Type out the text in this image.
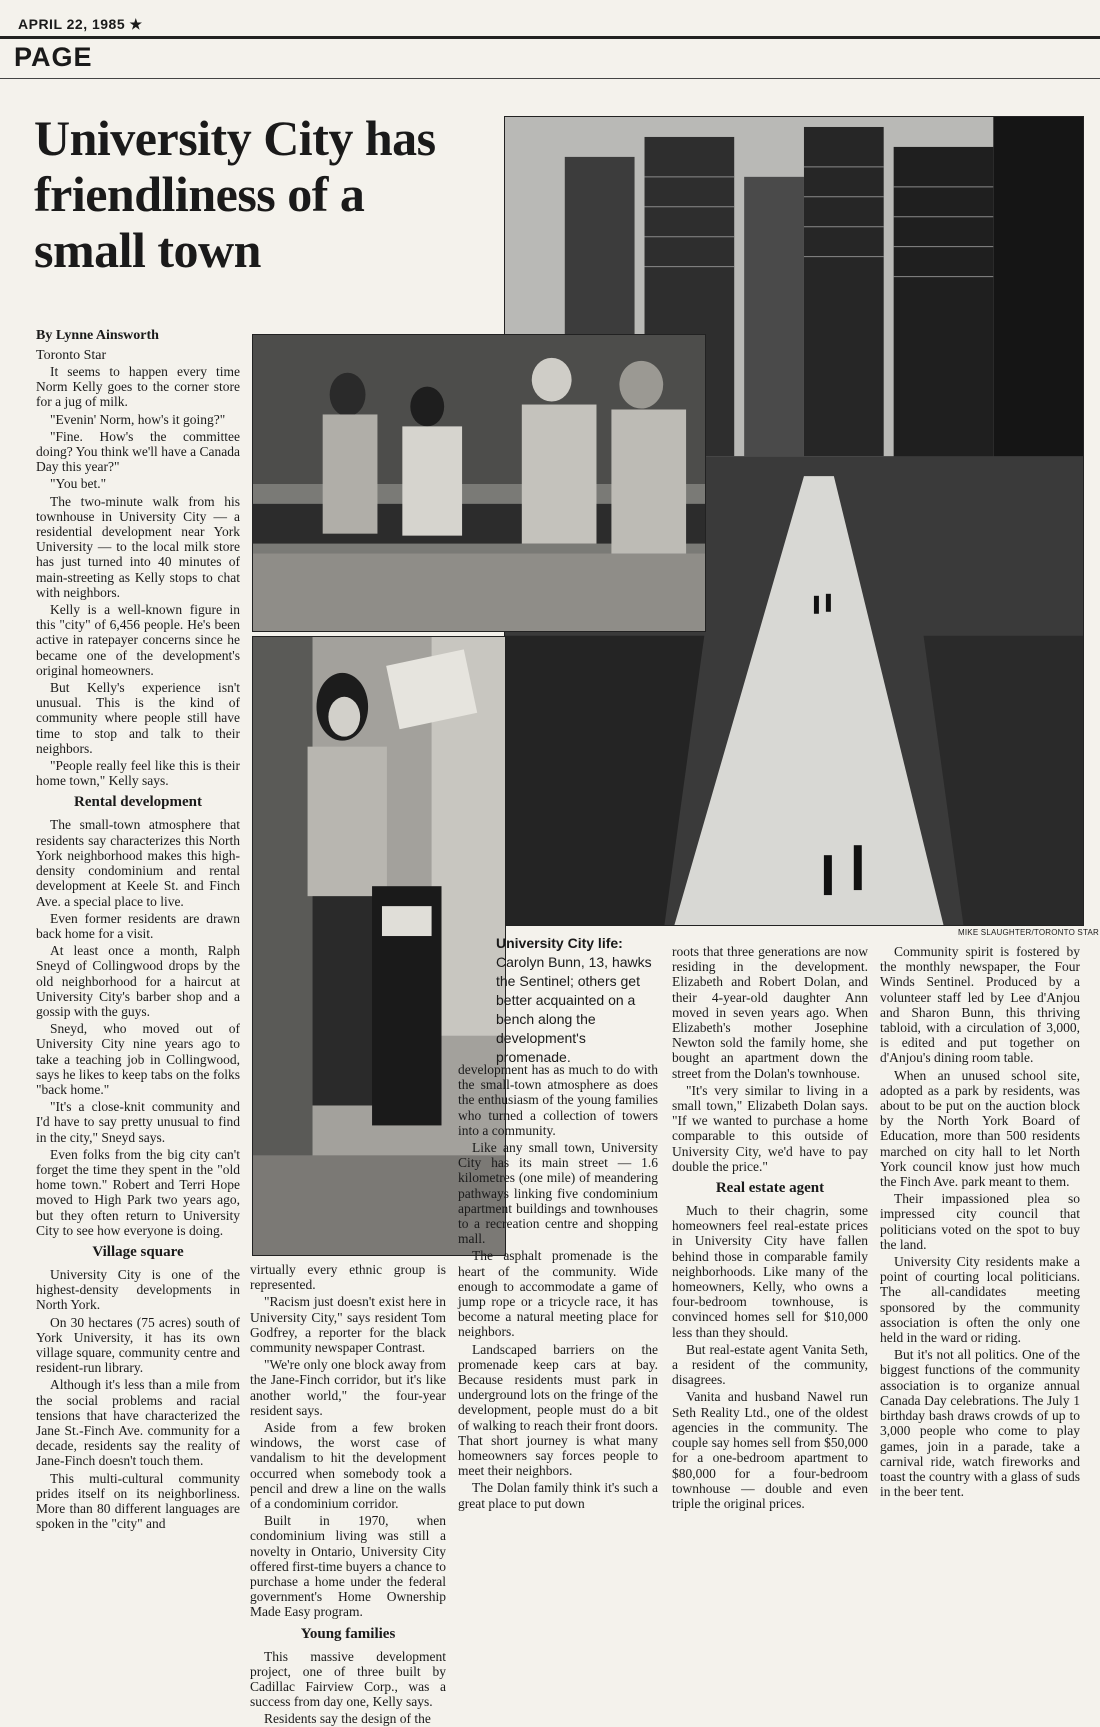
APRIL 22, 1985 ★
PAGE
University City has friendliness of a small town
By Lynne Ainsworth
Toronto Star
MIKE SLAUGHTER/TORONTO STAR
University City life: Carolyn Bunn, 13, hawks the Sentinel; others get better acquainted on a bench along the development's promenade.

It seems to happen every time Norm Kelly goes to the corner store for a jug of milk.

"Evenin' Norm, how's it going?"

"Fine. How's the committee doing? You think we'll have a Canada Day this year?"

"You bet."

The two-minute walk from his townhouse in University City — a residential development near York University — to the local milk store has just turned into 40 minutes of main-streeting as Kelly stops to chat with neighbors.

Kelly is a well-known figure in this "city" of 6,456 people. He's been active in ratepayer concerns since he became one of the development's original homeowners.

But Kelly's experience isn't unusual. This is the kind of community where people still have time to stop and talk to their neighbors.

"People really feel like this is their home town," Kelly says.

Rental development

The small-town atmosphere that residents say characterizes this North York neighborhood makes this high-density condominium and rental development at Keele St. and Finch Ave. a special place to live.

Even former residents are drawn back home for a visit.

At least once a month, Ralph Sneyd of Collingwood drops by the old neighborhood for a haircut at University City's barber shop and a gossip with the guys.

Sneyd, who moved out of University City nine years ago to take a teaching job in Collingwood, says he likes to keep tabs on the folks "back home."

"It's a close-knit community and I'd have to say pretty unusual to find in the city," Sneyd says.

Even folks from the big city can't forget the time they spent in the "old home town." Robert and Terri Hope moved to High Park two years ago, but they often return to University City to see how everyone is doing.

Village square

University City is one of the highest-density developments in North York.

On 30 hectares (75 acres) south of York University, it has its own village square, community centre and resident-run library.

Although it's less than a mile from the social problems and racial tensions that have characterized the Jane St.-Finch Ave. community for a decade, residents say the reality of Jane-Finch doesn't touch them.

This multi-cultural community prides itself on its neighborliness. More than 80 different languages are spoken in the "city" and

virtually every ethnic group is represented.

"Racism just doesn't exist here in University City," says resident Tom Godfrey, a reporter for the black community newspaper Contrast.

"We're only one block away from the Jane-Finch corridor, but it's like another world," the four-year resident says.

Aside from a few broken windows, the worst case of vandalism to hit the development occurred when somebody took a pencil and drew a line on the walls of a condominium corridor.

Built in 1970, when condominium living was still a novelty in Ontario, University City offered first-time buyers a chance to purchase a home under the federal government's Home Ownership Made Easy program.

Young families

This massive development project, one of three built by Cadillac Fairview Corp., was a success from day one, Kelly says.

Residents say the design of the

development has as much to do with the small-town atmosphere as does the enthusiasm of the young families who turned a collection of towers into a community.

Like any small town, University City has its main street — 1.6 kilometres (one mile) of meandering pathways linking five condominium apartment buildings and townhouses to a recreation centre and shopping mall.

The asphalt promenade is the heart of the community. Wide enough to accommodate a game of jump rope or a tricycle race, it has become a natural meeting place for neighbors.

Landscaped barriers on the promenade keep cars at bay. Because residents must park in underground lots on the fringe of the development, people must do a bit of walking to reach their front doors. That short journey is what many homeowners say forces people to meet their neighbors.

The Dolan family think it's such a great place to put down

roots that three generations are now residing in the development. Elizabeth and Robert Dolan, and their 4-year-old daughter Ann moved in seven years ago. When Elizabeth's mother Josephine Newton sold the family home, she bought an apartment down the street from the Dolan's townhouse.

"It's very similar to living in a small town," Elizabeth Dolan says. "If we wanted to purchase a home comparable to this outside of University City, we'd have to pay double the price."

Real estate agent

Much to their chagrin, some homeowners feel real-estate prices in University City have fallen behind those in comparable family neighborhoods. Like many of the homeowners, Kelly, who owns a four-bedroom townhouse, is convinced homes sell for $10,000 less than they should.

But real-estate agent Vanita Seth, a resident of the community, disagrees.

Vanita and husband Nawel run Seth Reality Ltd., one of the oldest agencies in the community. The couple say homes sell from $50,000 for a one-bedroom apartment to $80,000 for a four-bedroom townhouse — double and even triple the original prices.

Community spirit is fostered by the monthly newspaper, the Four Winds Sentinel. Produced by a volunteer staff led by Lee d'Anjou and Sharon Bunn, this thriving tabloid, with a circulation of 3,000, is edited and put together on d'Anjou's dining room table.

When an unused school site, adopted as a park by residents, was about to be put on the auction block by the North York Board of Education, more than 500 residents marched on city hall to let North York council know just how much the Finch Ave. park meant to them.

Their impassioned plea so impressed city council that politicians voted on the spot to buy the land.

University City residents make a point of courting local politicians. The all-candidates meeting sponsored by the community association is often the only one held in the ward or riding.

But it's not all politics. One of the biggest functions of the community association is to organize annual Canada Day celebrations. The July 1 birthday bash draws crowds of up to 3,000 people who come to play games, join in a parade, take a carnival ride, watch fireworks and toast the country with a glass of suds in the beer tent.
